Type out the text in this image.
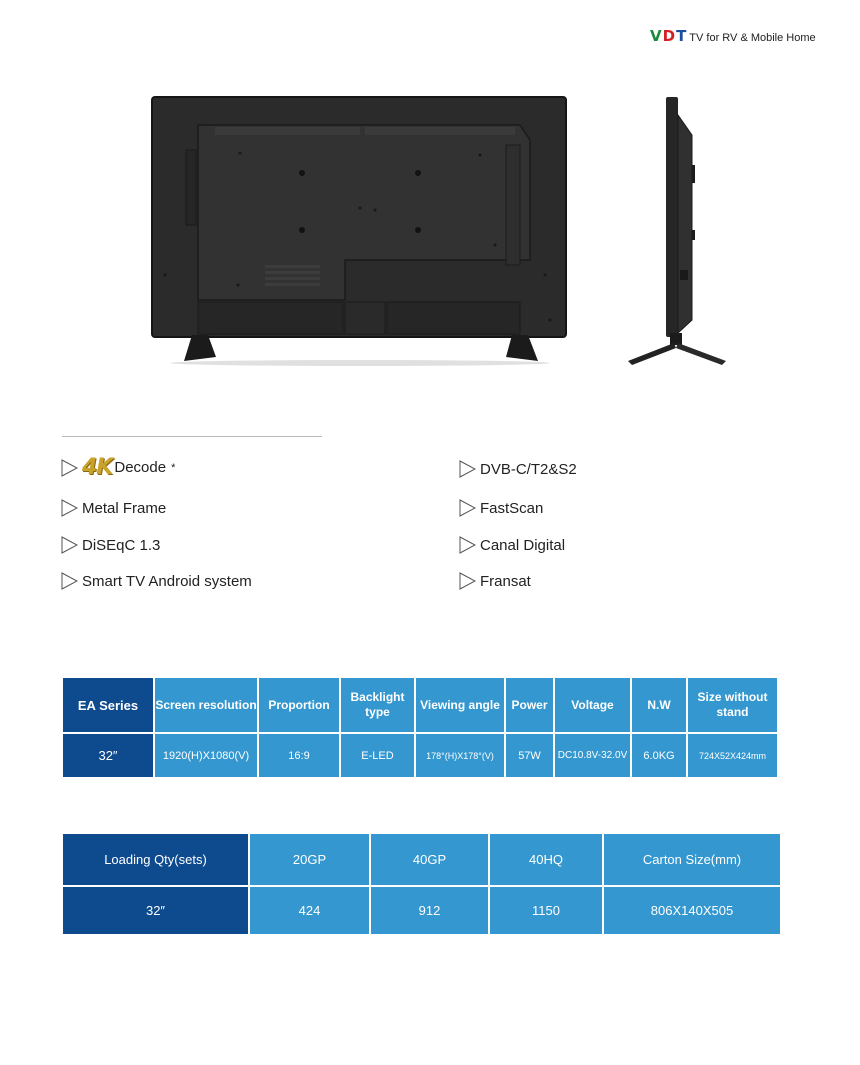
VDT TV for RV & Mobile Home
4K Decode *
Metal Frame
DiSEqC 1.3
Smart TV Android system
DVB-C/T2&S2
FastScan
Canal Digital
Fransat
EA Series	Screen resolution	Proportion	Backlight type	Viewing angle	Power	Voltage	N.W	Size without stand
32″	1920(H)X1080(V)	16:9	E-LED	178°(H)X178°(V)	57W	DC10.8V-32.0V	6.0KG	724X52X424mm
Loading Qty(sets)	20GP	40GP	40HQ	Carton Size(mm)
32″	424	912	1150	806X140X505
